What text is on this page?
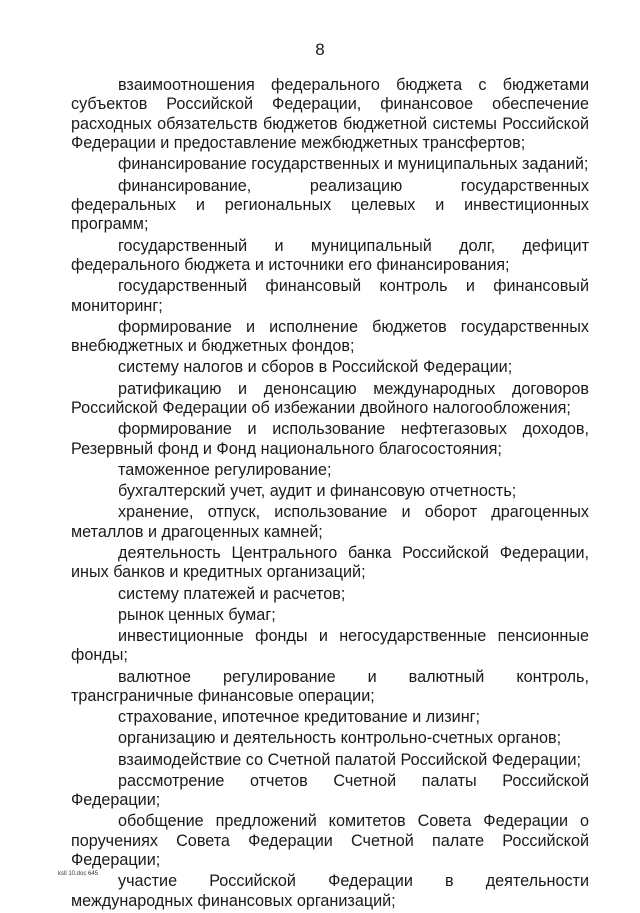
8

взаимоотношения федерального бюджета с бюджетами субъектов Российской Федерации, финансовое обеспечение расходных обязательств бюджетов бюджетной системы Российской Федерации и предоставление межбюджетных трансфертов;

финансирование государственных и муниципальных заданий;

финансирование, реализацию государственных федеральных и региональных целевых и инвестиционных программ;

государственный и муниципальный долг, дефицит федерального бюджета и источники его финансирования;

государственный финансовый контроль и финансовый мониторинг;

формирование и исполнение бюджетов государственных внебюджетных и бюджетных фондов;

систему налогов и сборов в Российской Федерации;

ратификацию и денонсацию международных договоров Российской Федерации об избежании двойного налогообложения;

формирование и использование нефтегазовых доходов, Резервный фонд и Фонд национального благосостояния;

таможенное регулирование;

бухгалтерский учет, аудит и финансовую отчетность;

хранение, отпуск, использование и оборот драгоценных металлов и драгоценных камней;

деятельность Центрального банка Российской Федерации, иных банков и кредитных организаций;

систему платежей и расчетов;

рынок ценных бумаг;

инвестиционные фонды и негосударственные пенсионные фонды;

валютное регулирование и валютный контроль, трансграничные финансовые операции;

страхование, ипотечное кредитование и лизинг;

организацию и деятельность контрольно-счетных органов;

взаимодействие со Счетной палатой Российской Федерации;

рассмотрение отчетов Счетной палаты Российской Федерации;

обобщение предложений комитетов Совета Федерации о поручениях Совета Федерации Счетной палате Российской Федерации;

участие Российской Федерации в деятельности международных финансовых организаций;

ksll 10.doc 645
